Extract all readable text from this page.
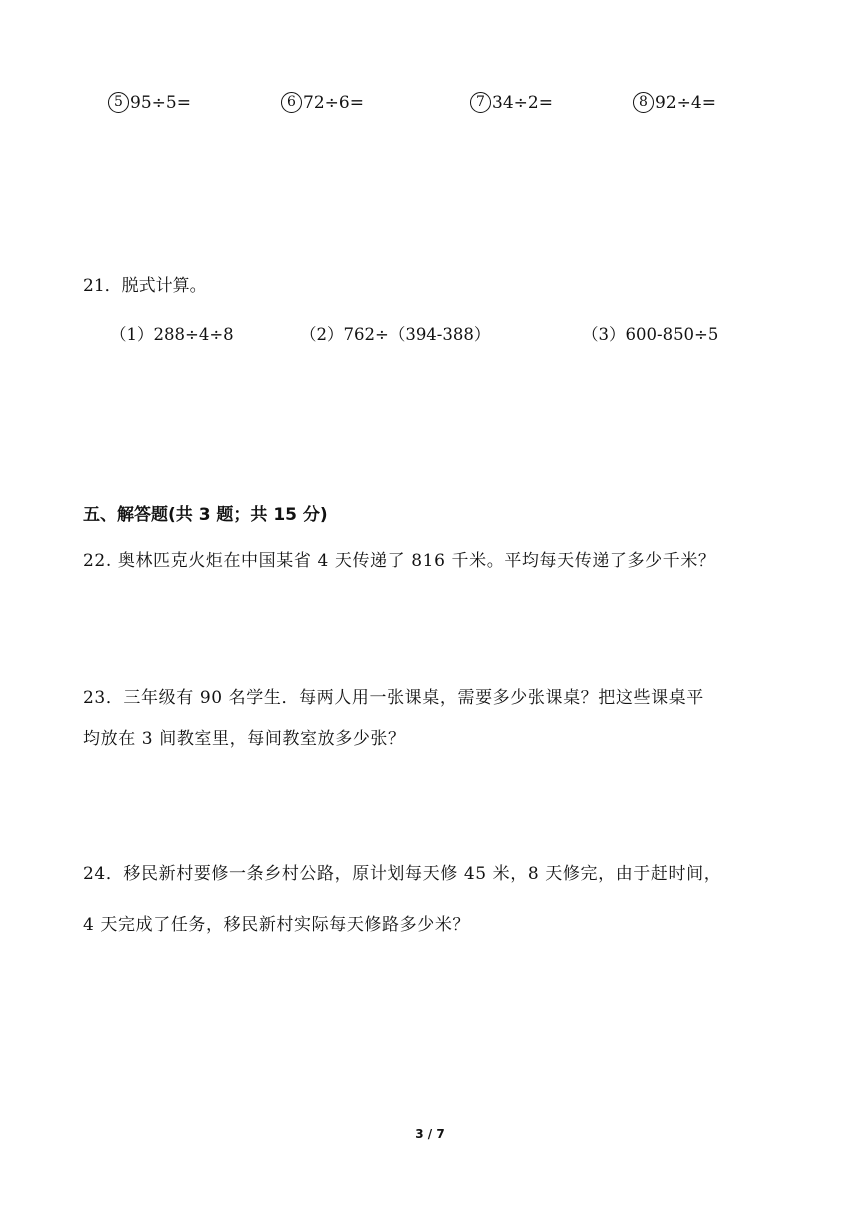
5 95÷5=	6 72÷6=	7 34÷2=	8 92÷4=
21．脱式计算。
（1）288÷4÷8	（2）762÷（394-388）	（3）600-850÷5
五、解答题(共 3 题；共 15 分)
22. 奥林匹克火炬在中国某省 4 天传递了 816 千米。平均每天传递了多少千米？
23．三年级有 90 名学生．每两人用一张课桌，需要多少张课桌？把这些课桌平
均放在 3 间教室里，每间教室放多少张？
24．移民新村要修一条乡村公路，原计划每天修 45 米，8 天修完，由于赶时间，
4 天完成了任务，移民新村实际每天修路多少米？
3 / 7
